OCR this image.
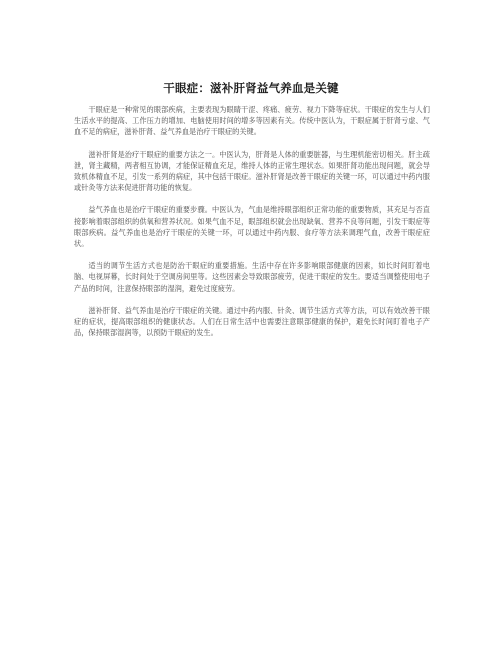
干眼症：滋补肝肾益气养血是关键

干眼症是一种常见的眼部疾病，主要表现为眼睛干涩、疼痛、疲劳、视力下降等症状。干眼症的发生与人们生活水平的提高、工作压力的增加、电脑使用时间的增多等因素有关。传统中医认为，干眼症属于肝肾亏虚、气血不足的病症，滋补肝肾、益气养血是治疗干眼症的关键。

滋补肝肾是治疗干眼症的重要方法之一。中医认为，肝肾是人体的重要脏器，与生理机能密切相关。肝主疏泄，肾主藏精，两者相互协调，才能保证精血充足，维持人体的正常生理状态。如果肝肾功能出现问题，就会导致机体精血不足，引发一系列的病症，其中包括干眼症。滋补肝肾是改善干眼症的关键一环，可以通过中药内服或针灸等方法来促进肝肾功能的恢复。

益气养血也是治疗干眼症的重要步骤。中医认为，气血是维持眼部组织正常功能的重要物质，其充足与否直接影响着眼部组织的供氧和营养状况。如果气血不足，眼部组织就会出现缺氧、营养不良等问题，引发干眼症等眼部疾病。益气养血也是治疗干眼症的关键一环，可以通过中药内服、食疗等方法来调理气血，改善干眼症症状。

适当的调节生活方式也是防治干眼症的重要措施。生活中存在许多影响眼部健康的因素，如长时间盯着电脑、电视屏幕，长时间处于空调房间里等。这些因素会导致眼部疲劳，促进干眼症的发生。要适当调整使用电子产品的时间，注意保持眼部的湿润，避免过度疲劳。

滋补肝肾、益气养血是治疗干眼症的关键。通过中药内服、针灸、调节生活方式等方法，可以有效改善干眼症的症状，提高眼部组织的健康状态。人们在日常生活中也需要注意眼部健康的保护，避免长时间盯着电子产品，保持眼部湿润等，以预防干眼症的发生。
